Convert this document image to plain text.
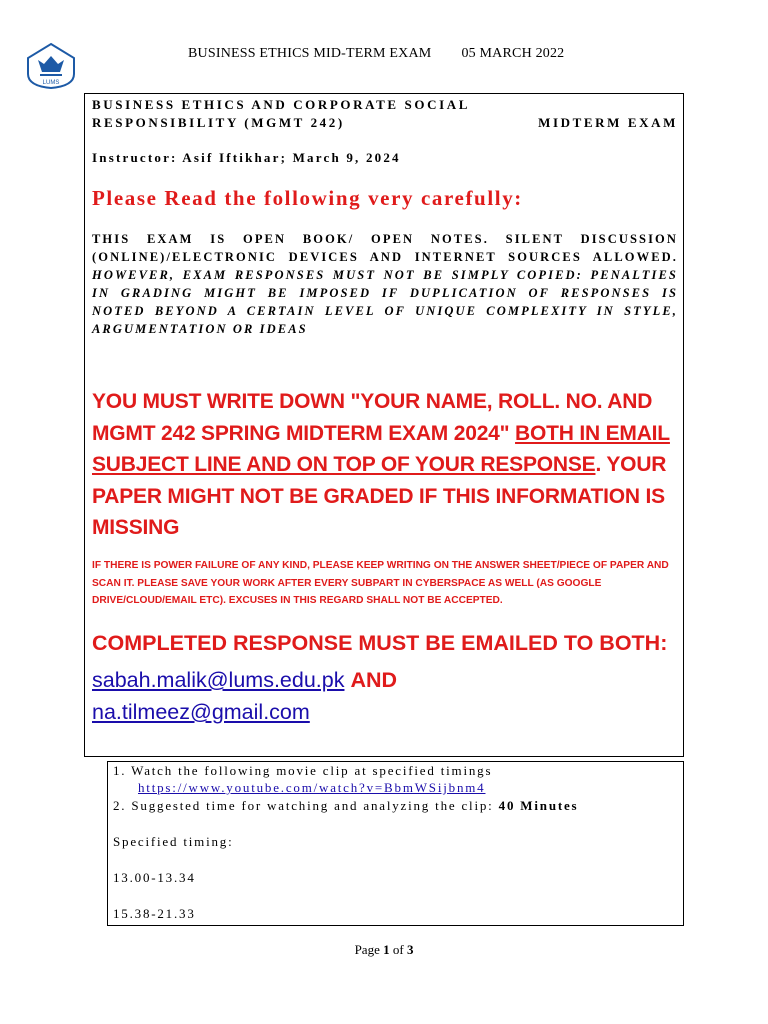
LUMS
BUSINESS ETHICS MID-TERM EXAM 05 MARCH 2022
BUSINESS ETHICS AND CORPORATE SOCIAL
RESPONSIBILITY (MGMT 242)	MIDTERM EXAM
Instructor: Asif Iftikhar; March 9, 2024
Please Read the following very carefully:
THIS EXAM IS OPEN BOOK/ OPEN NOTES. SILENT DISCUSSION (ONLINE)/ELECTRONIC DEVICES AND INTERNET SOURCES ALLOWED. HOWEVER, EXAM RESPONSES MUST NOT BE SIMPLY COPIED: PENALTIES IN GRADING MIGHT BE IMPOSED IF DUPLICATION OF RESPONSES IS NOTED BEYOND A CERTAIN LEVEL OF UNIQUE COMPLEXITY IN STYLE, ARGUMENTATION OR IDEAS
YOU MUST WRITE DOWN "YOUR NAME, ROLL. NO. AND MGMT 242 SPRING MIDTERM EXAM 2024" BOTH IN EMAIL SUBJECT LINE AND ON TOP OF YOUR RESPONSE. YOUR PAPER MIGHT NOT BE GRADED IF THIS INFORMATION IS MISSING
IF THERE IS POWER FAILURE OF ANY KIND, PLEASE KEEP WRITING ON THE ANSWER SHEET/PIECE OF PAPER AND SCAN IT. PLEASE SAVE YOUR WORK AFTER EVERY SUBPART IN CYBERSPACE AS WELL (AS GOOGLE DRIVE/CLOUD/EMAIL ETC). EXCUSES IN THIS REGARD SHALL NOT BE ACCEPTED.
COMPLETED RESPONSE MUST BE EMAILED TO BOTH:
sabah.malik@lums.edu.pk AND
na.tilmeez@gmail.com
1. Watch the following movie clip at specified timings
https://www.youtube.com/watch?v=BbmWSijbnm4
2. Suggested time for watching and analyzing the clip: 40 Minutes
Specified timing:
13.00-13.34
15.38-21.33
Page 1 of 3
